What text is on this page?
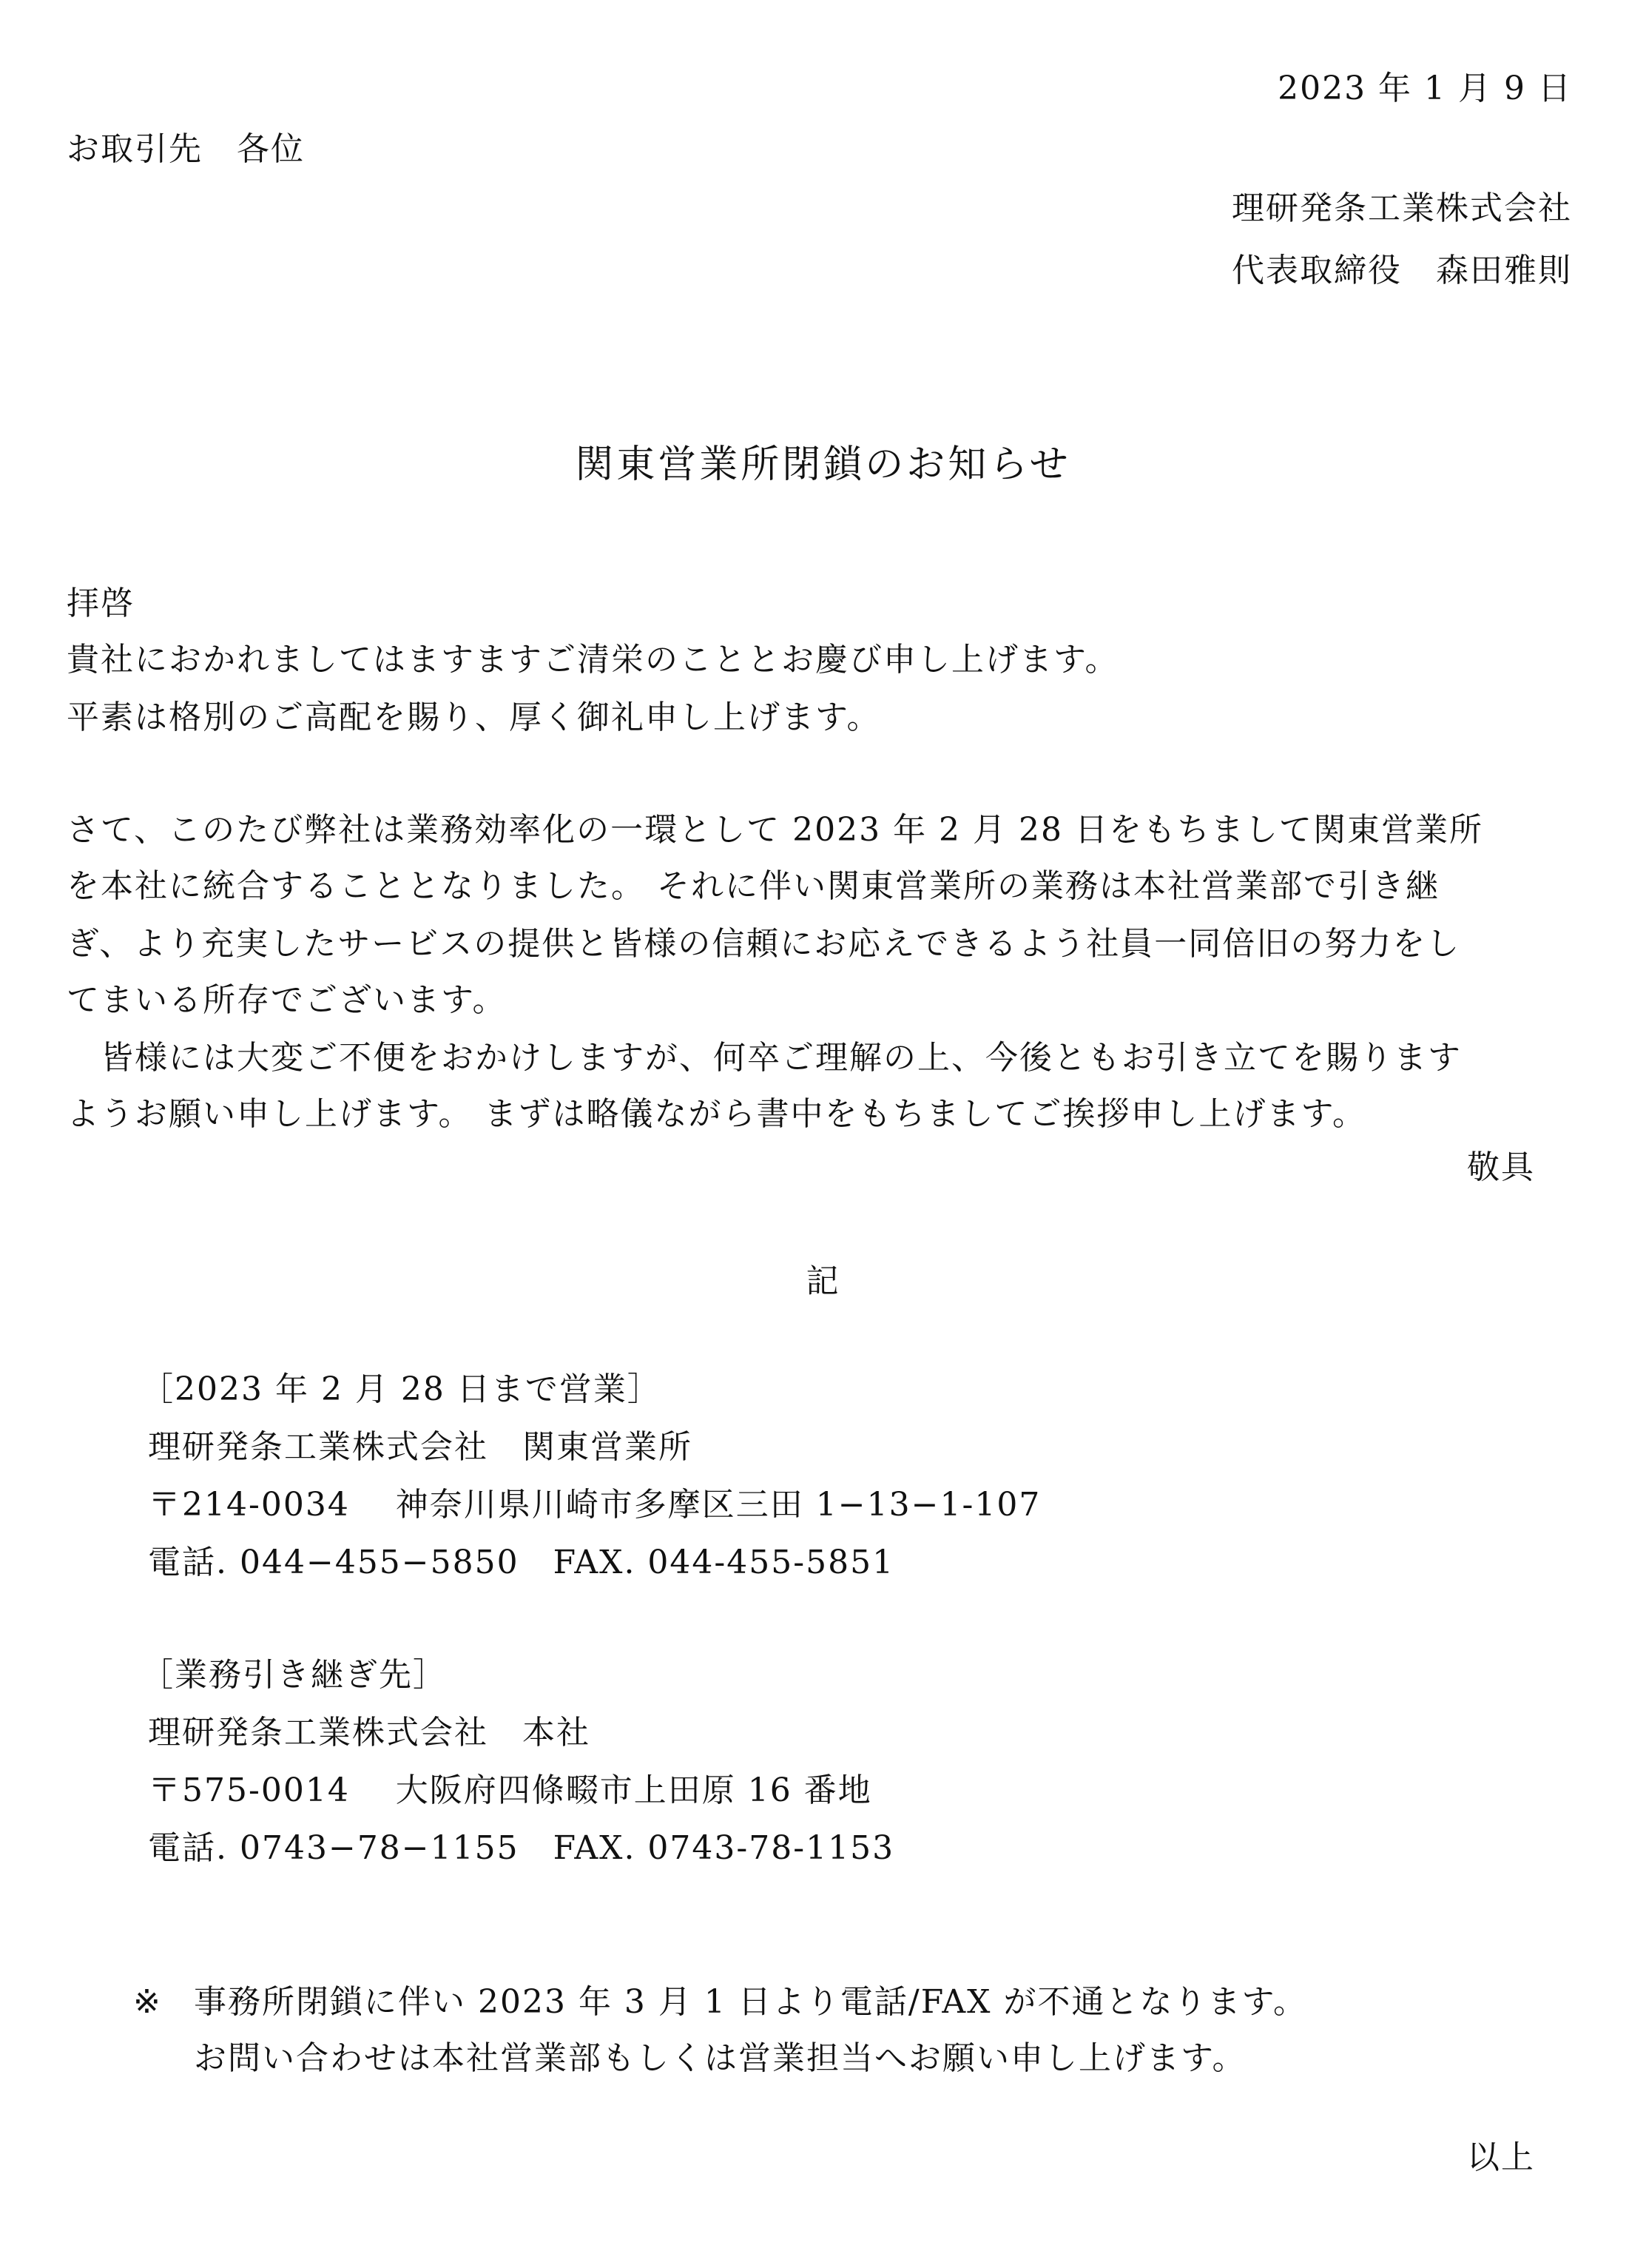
2023 年 1 月 9 日
お取引先　各位
理研発条工業株式会社
代表取締役　森田雅則
関東営業所閉鎖のお知らせ
拝啓
貴社におかれましてはますますご清栄のこととお慶び申し上げます。
平素は格別のご高配を賜り、厚く御礼申し上げます。
さて、このたび弊社は業務効率化の一環として 2023 年 2 月 28 日をもちまして関東営業所
を本社に統合することとなりました。 それに伴い関東営業所の業務は本社営業部で引き継
ぎ、より充実したサービスの提供と皆様の信頼にお応えできるよう社員一同倍旧の努力をし
てまいる所存でございます。
　皆様には大変ご不便をおかけしますが、何卒ご理解の上、今後ともお引き立てを賜ります
ようお願い申し上げます。 まずは略儀ながら書中をもちましてご挨拶申し上げます。
敬具
記
［2023 年 2 月 28 日まで営業］
理研発条工業株式会社　関東営業所
〒214-0034　 神奈川県川崎市多摩区三田 1−13−1-107
電話. 044−455−5850　FAX. 044-455-5851
［業務引き継ぎ先］
理研発条工業株式会社　本社
〒575-0014　 大阪府四條畷市上田原 16 番地
電話. 0743−78−1155　FAX. 0743-78-1153
※ 事務所閉鎖に伴い 2023 年 3 月 1 日より電話/FAX が不通となります。
お問い合わせは本社営業部もしくは営業担当へお願い申し上げます。
以上
